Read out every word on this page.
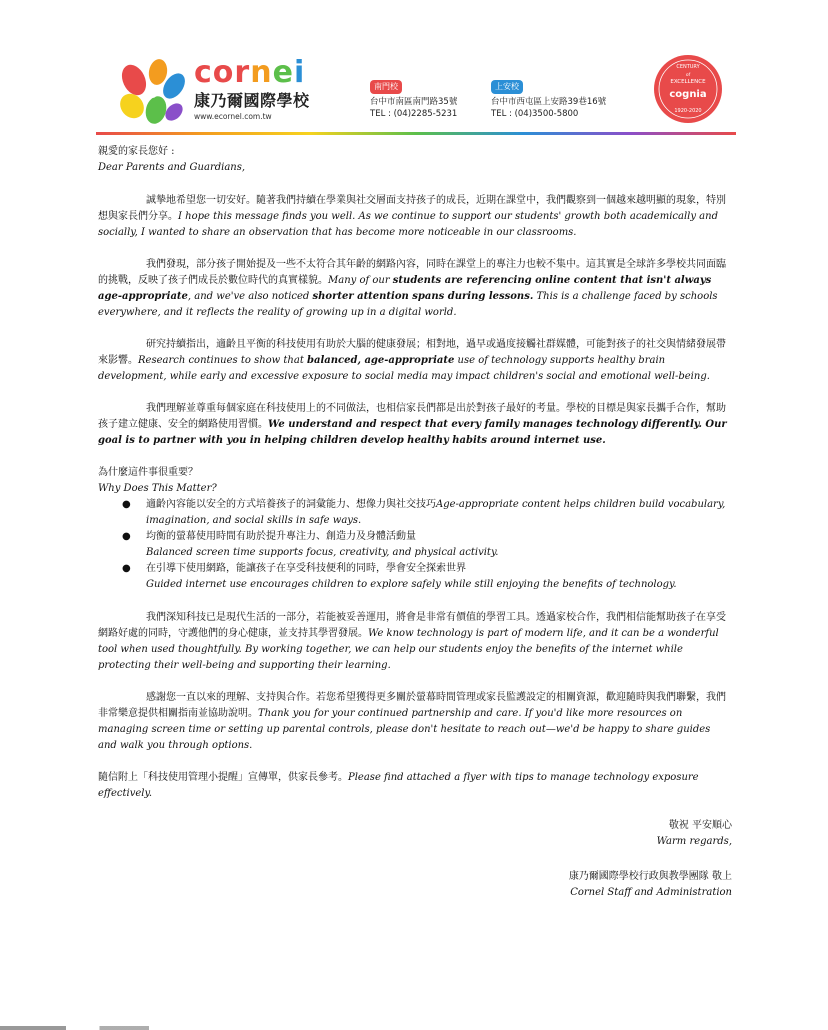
cornei
康乃爾國際學校
www.ecornel.com.tw
南門校
台中市南區南門路35號
TEL : (04)2285-5231
上安校
台中市西屯區上安路39巷16號
TEL : (04)3500-5800
CENTURY
of
EXCELLENCE
cognia
1920-2020

親愛的家長您好 :

Dear Parents and Guardians,

誠摯地希望您一切安好。隨著我們持續在學業與社交層面支持孩子的成長，近期在課堂中，我們觀察到一個越來越明顯的現象，特別想與家長們分享。I hope this message finds you well. As we continue to support our students' growth both academically and socially, I wanted to share an observation that has become more noticeable in our classrooms.

我們發現，部分孩子開始提及一些不太符合其年齡的網路內容，同時在課堂上的專注力也較不集中。這其實是全球許多學校共同面臨的挑戰，反映了孩子們成長於數位時代的真實樣貌。Many of our students are referencing online content that isn't always age-appropriate, and we've also noticed shorter attention spans during lessons. This is a challenge faced by schools everywhere, and it reflects the reality of growing up in a digital world.

研究持續指出，適齡且平衡的科技使用有助於大腦的健康發展；相對地，過早或過度接觸社群媒體，可能對孩子的社交與情緒發展帶來影響。Research continues to show that balanced, age-appropriate use of technology supports healthy brain development, while early and excessive exposure to social media may impact children's social and emotional well-being.

我們理解並尊重每個家庭在科技使用上的不同做法，也相信家長們都是出於對孩子最好的考量。學校的目標是與家長攜手合作，幫助孩子建立健康、安全的網路使用習慣。We understand and respect that every family manages technology differently. Our goal is to partner with you in helping children develop healthy habits around internet use.

為什麼這件事很重要？

Why Does This Matter?

● 適齡內容能以安全的方式培養孩子的詞彙能力、想像力與社交技巧Age-appropriate content helps children build vocabulary, imagination, and social skills in safe ways.
● 均衡的螢幕使用時間有助於提升專注力、創造力及身體活動量
Balanced screen time supports focus, creativity, and physical activity.
● 在引導下使用網路，能讓孩子在享受科技便利的同時，學會安全探索世界
Guided internet use encourages children to explore safely while still enjoying the benefits of technology.

我們深知科技已是現代生活的一部分，若能被妥善運用，將會是非常有價值的學習工具。透過家校合作，我們相信能幫助孩子在享受網路好處的同時，守護他們的身心健康，並支持其學習發展。We know technology is part of modern life, and it can be a wonderful tool when used thoughtfully. By working together, we can help our students enjoy the benefits of the internet while protecting their well-being and supporting their learning.

感謝您一直以來的理解、支持與合作。若您希望獲得更多關於螢幕時間管理或家長監護設定的相關資源，歡迎隨時與我們聯繫，我們非常樂意提供相關指南並協助說明。Thank you for your continued partnership and care. If you'd like more resources on managing screen time or setting up parental controls, please don't hesitate to reach out—we'd be happy to share guides and walk you through options.

隨信附上「科技使用管理小提醒」宣傳單，供家長參考。Please find attached a flyer with tips to manage technology exposure effectively.

敬祝 平安順心
Warm regards,
康乃爾國際學校行政與教學團隊 敬上
Cornel Staff and Administration
